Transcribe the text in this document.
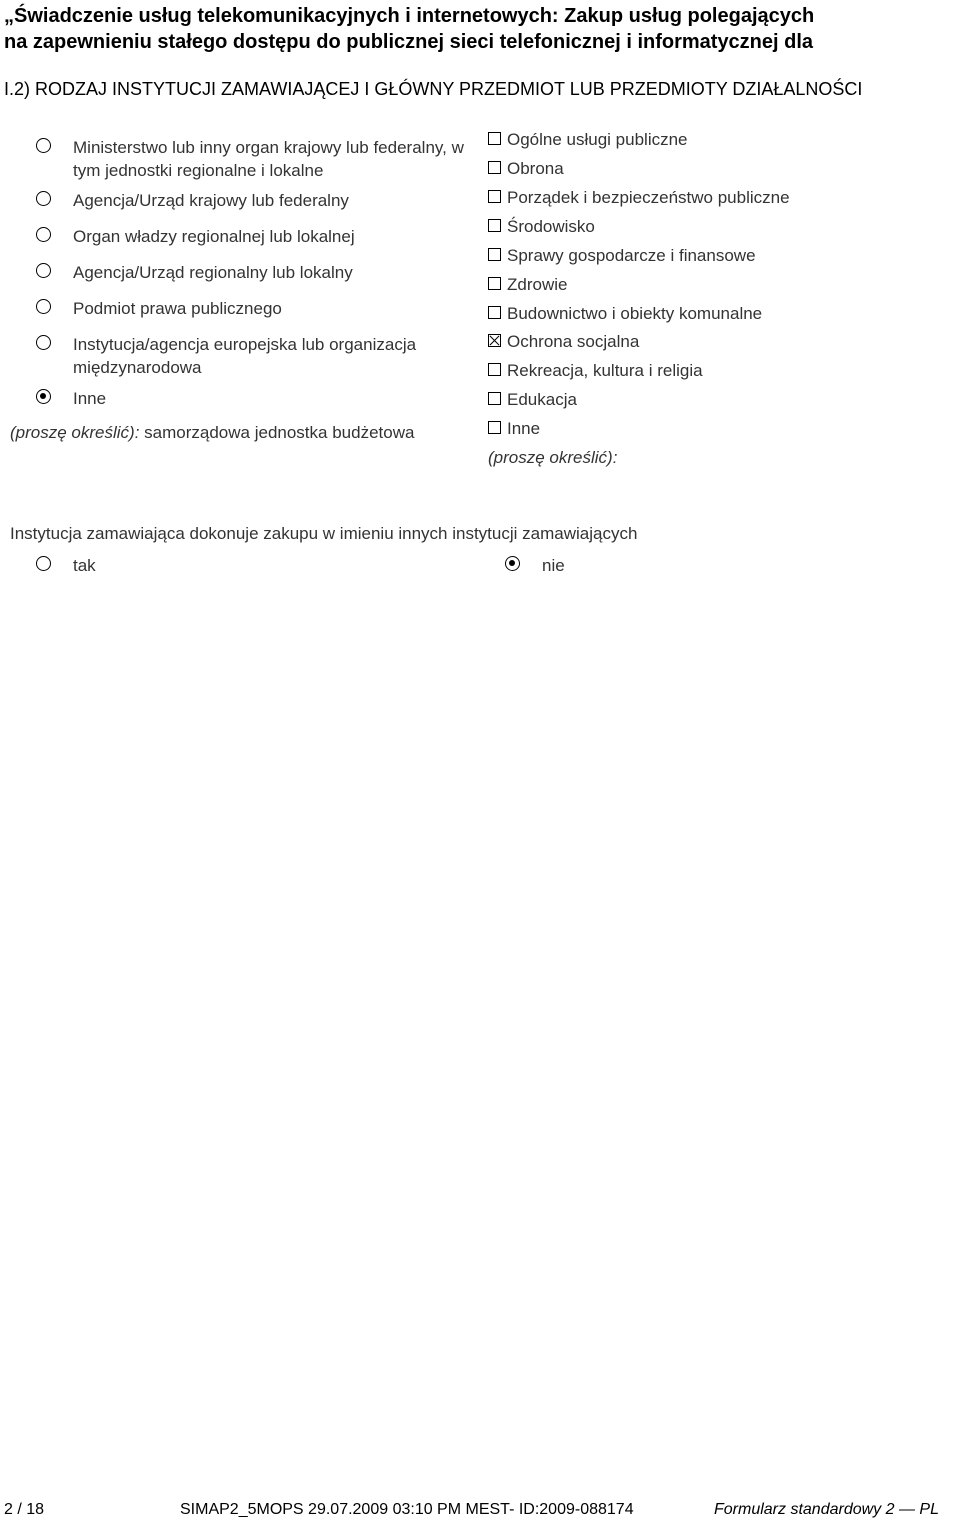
„Świadczenie usług telekomunikacyjnych i internetowych: Zakup usług polegających
na zapewnieniu stałego dostępu do publicznej sieci telefonicznej i informatycznej dla
I.2) RODZAJ INSTYTUCJI ZAMAWIAJĄCEJ I GŁÓWNY PRZEDMIOT LUB PRZEDMIOTY DZIAŁALNOŚCI
Ministerstwo lub inny organ krajowy lub federalny, w tym jednostki regionalne i lokalne
Agencja/Urząd krajowy lub federalny
Organ władzy regionalnej lub lokalnej
Agencja/Urząd regionalny lub lokalny
Podmiot prawa publicznego
Instytucja/agencja europejska lub organizacja międzynarodowa
Inne
(proszę określić): samorządowa jednostka budżetowa
Ogólne usługi publiczne
Obrona
Porządek i bezpieczeństwo publiczne
Środowisko
Sprawy gospodarcze i finansowe
Zdrowie
Budownictwo i obiekty komunalne
Ochrona socjalna
Rekreacja, kultura i religia
Edukacja
Inne
(proszę określić):
Instytucja zamawiająca dokonuje zakupu w imieniu innych instytucji zamawiających
tak	nie
2 / 18	SIMAP2_5MOPS 29.07.2009 03:10 PM MEST- ID:2009-088174	Formularz standardowy 2 — PL
